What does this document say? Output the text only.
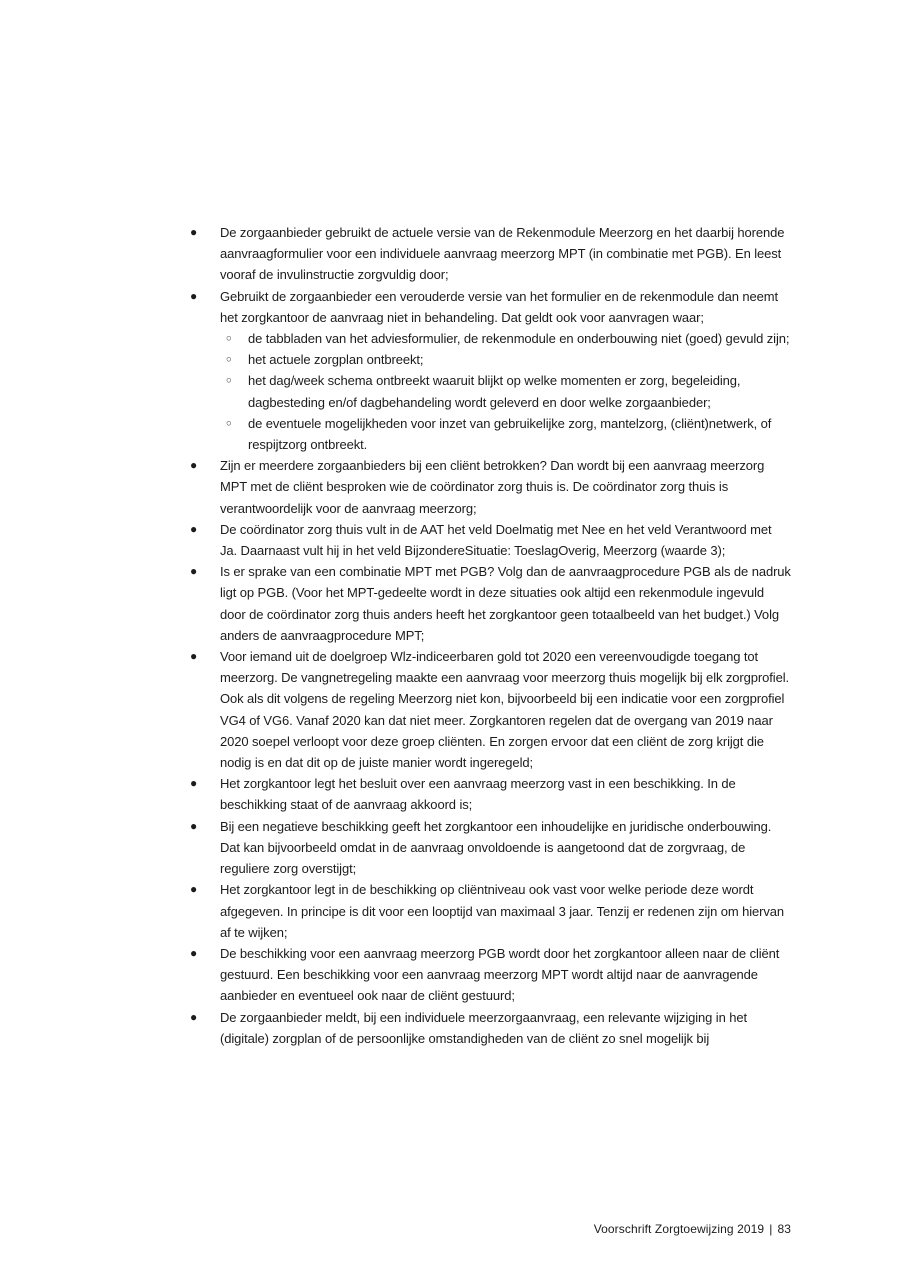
●	De zorgaanbieder gebruikt de actuele versie van de Rekenmodule Meerzorg en het daarbij horende aanvraagformulier voor een individuele aanvraag meerzorg MPT (in combinatie met PGB). En leest vooraf de invulinstructie zorgvuldig door;
●	Gebruikt de zorgaanbieder een verouderde versie van het formulier en de rekenmodule dan neemt het zorgkantoor de aanvraag niet in behandeling. Dat geldt ook voor aanvragen waar;
○	de tabbladen van het adviesformulier, de rekenmodule en onderbouwing niet (goed) gevuld zijn;
○	het actuele zorgplan ontbreekt;
○	het dag/week schema ontbreekt waaruit blijkt op welke momenten er zorg, begeleiding, dagbesteding en/of dagbehandeling wordt geleverd en door welke zorgaanbieder;
○	de eventuele mogelijkheden voor inzet van gebruikelijke zorg, mantelzorg, (cliënt)netwerk, of respijtzorg ontbreekt.
●	Zijn er meerdere zorgaanbieders bij een cliënt betrokken? Dan wordt bij een aanvraag meerzorg MPT met de cliënt besproken wie de coördinator zorg thuis is. De coördinator zorg thuis is verantwoordelijk voor de aanvraag meerzorg;
●	De coördinator zorg thuis vult in de AAT het veld Doelmatig met Nee en het veld Verantwoord met Ja. Daarnaast vult hij in het veld BijzondereSituatie: ToeslagOverig, Meerzorg (waarde 3);
●	Is er sprake van een combinatie MPT met PGB? Volg dan de aanvraagprocedure PGB als de nadruk ligt op PGB. (Voor het MPT-gedeelte wordt in deze situaties ook altijd een rekenmodule ingevuld door de coördinator zorg thuis anders heeft het zorgkantoor geen totaalbeeld van het budget.) Volg anders de aanvraagprocedure MPT;
●	Voor iemand uit de doelgroep Wlz-indiceerbaren gold tot 2020 een vereenvoudigde toegang tot meerzorg. De vangnetregeling maakte een aanvraag voor meerzorg thuis mogelijk bij elk zorgprofiel. Ook als dit volgens de regeling Meerzorg niet kon, bijvoorbeeld bij een indicatie voor een zorgprofiel VG4 of VG6. Vanaf 2020 kan dat niet meer. Zorgkantoren regelen dat de overgang van 2019 naar 2020 soepel verloopt voor deze groep cliënten. En zorgen ervoor dat een cliënt de zorg krijgt die nodig is en dat dit op de juiste manier wordt ingeregeld;
●	Het zorgkantoor legt het besluit over een aanvraag meerzorg vast in een beschikking. In de beschikking staat of de aanvraag akkoord is;
●	Bij een negatieve beschikking geeft het zorgkantoor een inhoudelijke en juridische onderbouwing. Dat kan bijvoorbeeld omdat in de aanvraag onvoldoende is aangetoond dat de zorgvraag, de reguliere zorg overstijgt;
●	Het zorgkantoor legt in de beschikking op cliëntniveau ook vast voor welke periode deze wordt afgegeven. In principe is dit voor een looptijd van maximaal 3 jaar. Tenzij er redenen zijn om hiervan af te wijken;
●	De beschikking voor een aanvraag meerzorg PGB wordt door het zorgkantoor alleen naar de cliënt gestuurd. Een beschikking voor een aanvraag meerzorg MPT wordt altijd naar de aanvragende aanbieder en eventueel ook naar de cliënt gestuurd;
●	De zorgaanbieder meldt, bij een individuele meerzorgaanvraag, een relevante wijziging in het (digitale) zorgplan of de persoonlijke omstandigheden van de cliënt zo snel mogelijk bij
Voorschrift Zorgtoewijzing 2019 | 83
